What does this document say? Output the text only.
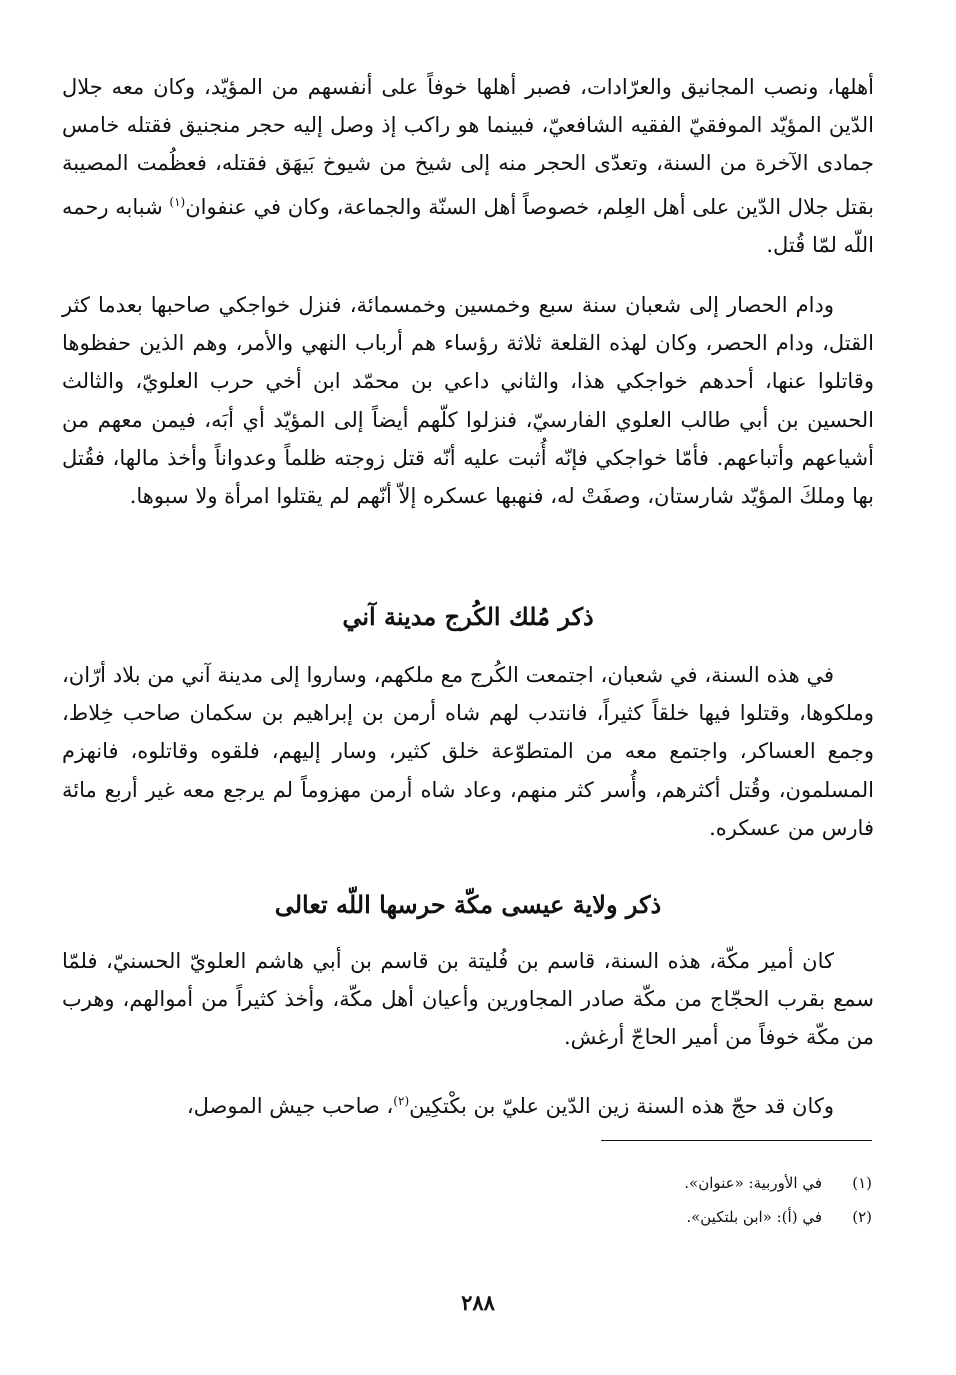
أهلها، ونصب المجانيق والعرّادات، فصبر أهلها خوفاً على أنفسهم من المؤيّد، وكان معه جلال الدّين المؤيّد الموفقيّ الفقيه الشافعيّ، فبينما هو راكب إذ وصل إليه حجر منجنيق فقتله خامس جمادى الآخرة من السنة، وتعدّى الحجر منه إلى شيخ من شيوخ بَيهَق فقتله، فعظُمت المصيبة بقتل جلال الدّين على أهل العِلم، خصوصاً أهل السنّة والجماعة، وكان في عنفوان$^{(١)}$ شبابه رحمه اللّه لمّا قُتل.

ودام الحصار إلى شعبان سنة سبع وخمسين وخمسمائة، فنزل خواجكي صاحبها بعدما كثر القتل، ودام الحصر، وكان لهذه القلعة ثلاثة رؤساء هم أرباب النهي والأمر، وهم الذين حفظوها وقاتلوا عنها، أحدهم خواجكي هذا، والثاني داعي بن محمّد ابن أخي حرب العلويّ، والثالث الحسين بن أبي طالب العلوي الفارسيّ، فنزلوا كلّهم أيضاً إلى المؤيّد أي أبَه، فيمن معهم من أشياعهم وأتباعهم. فأمّا خواجكي فإنّه أُثبت عليه أنّه قتل زوجته ظلماً وعدواناً وأخذ مالها، فقُتل بها وملكَ المؤيّد شارستان، وصفَتْ له، فنهبها عسكره إلاّ أنّهم لم يقتلوا امرأة ولا سبوها.

ذكر مُلك الكُرج مدينة آني

في هذه السنة، في شعبان، اجتمعت الكُرج مع ملكهم، وساروا إلى مدينة آني من بلاد أرّان، وملكوها، وقتلوا فيها خلقاً كثيراً، فانتدب لهم شاه أرمن بن إبراهيم بن سكمان صاحب خِلاط، وجمع العساكر، واجتمع معه من المتطوّعة خلق كثير، وسار إليهم، فلقوه وقاتلوه، فانهزم المسلمون، وقُتل أكثرهم، وأُسر كثر منهم، وعاد شاه أرمن مهزوماً لم يرجع معه غير أربع مائة فارس من عسكره.

ذكر ولاية عيسى مكّة حرسها اللّه تعالى

كان أمير مكّة، هذه السنة، قاسم بن فُليتة بن قاسم بن أبي هاشم العلويّ الحسنيّ، فلمّا سمع بقرب الحجّاج من مكّة صادر المجاورين وأعيان أهل مكّة، وأخذ كثيراً من أموالهم، وهرب من مكّة خوفاً من أمير الحاجّ أرغش.

وكان قد حجّ هذه السنة زين الدّين عليّ بن بكْتكِين$^{(٢)}$، صاحب جيش الموصل،

(١)في الأوربية: «عنوان».
(٢)في (أ): «ابن بلتكين».
٢٨٨
